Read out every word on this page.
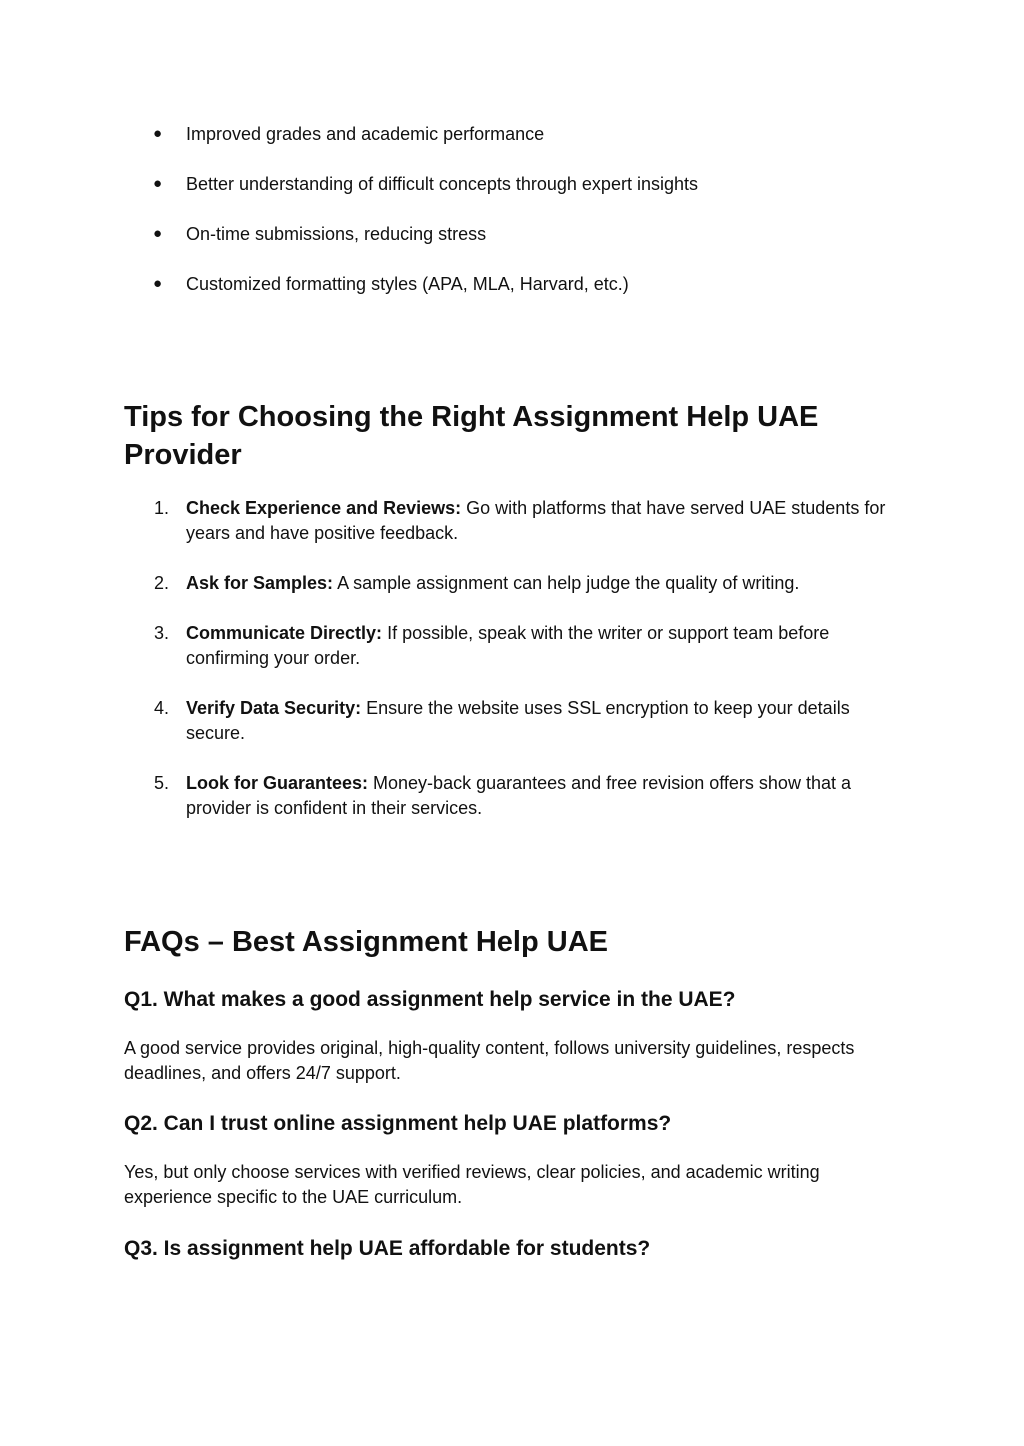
● Improved grades and academic performance
● Better understanding of difficult concepts through expert insights
● On-time submissions, reducing stress
● Customized formatting styles (APA, MLA, Harvard, etc.)
Tips for Choosing the Right Assignment Help UAE Provider
1. Check Experience and Reviews: Go with platforms that have served UAE students for years and have positive feedback.
2. Ask for Samples: A sample assignment can help judge the quality of writing.
3. Communicate Directly: If possible, speak with the writer or support team before confirming your order.
4. Verify Data Security: Ensure the website uses SSL encryption to keep your details secure.
5. Look for Guarantees: Money-back guarantees and free revision offers show that a provider is confident in their services.
FAQs – Best Assignment Help UAE
Q1. What makes a good assignment help service in the UAE?

A good service provides original, high-quality content, follows university guidelines, respects deadlines, and offers 24/7 support.

Q2. Can I trust online assignment help UAE platforms?

Yes, but only choose services with verified reviews, clear policies, and academic writing experience specific to the UAE curriculum.

Q3. Is assignment help UAE affordable for students?
